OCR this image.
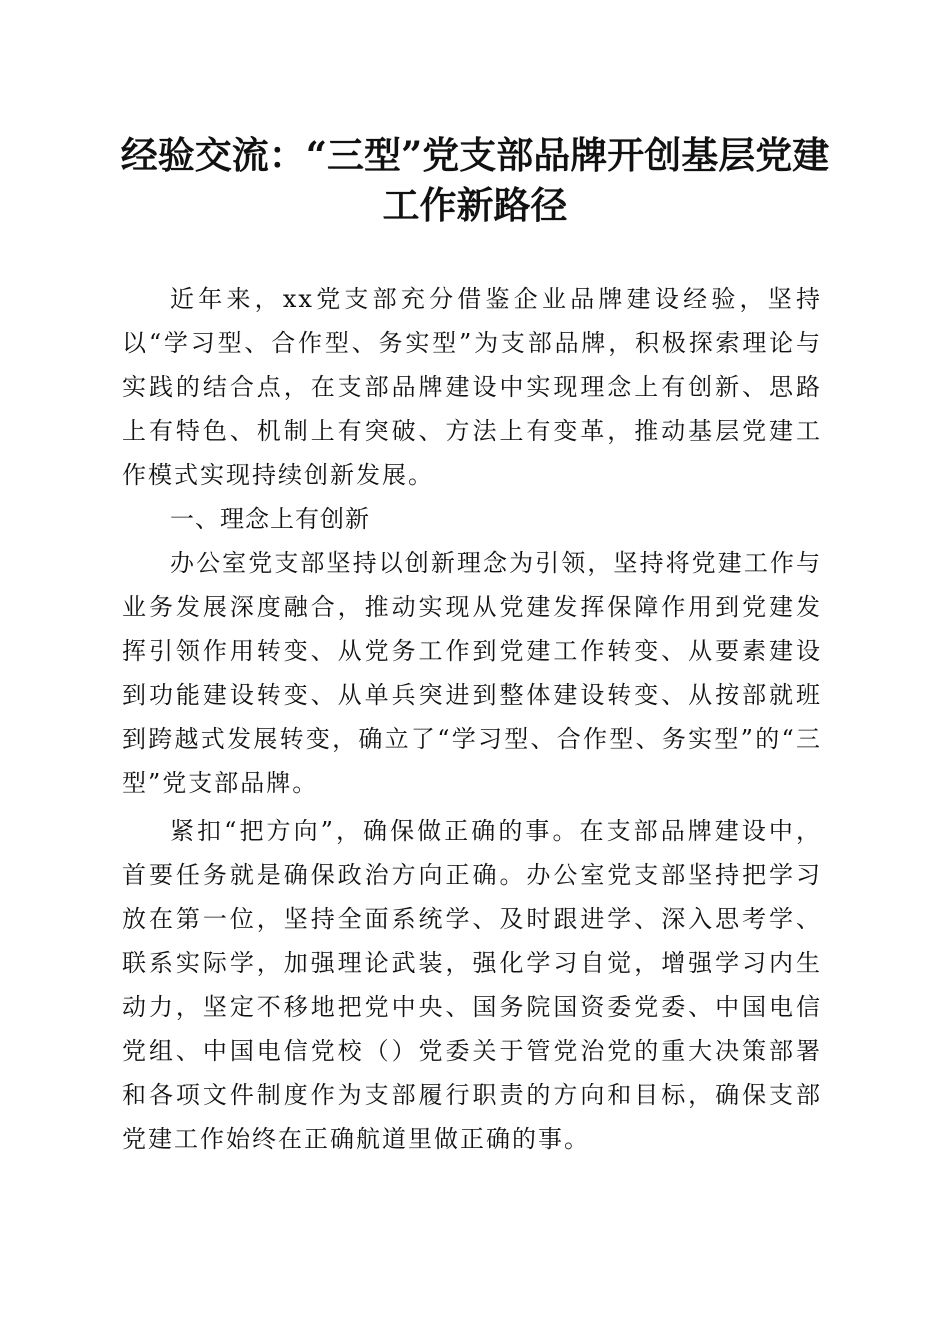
经验交流：“三型”党支部品牌开创基层党建
工作新路径

近年来，xx党支部充分借鉴企业品牌建设经验，坚持以“学习型、合作型、务实型”为支部品牌，积极探索理论与实践的结合点，在支部品牌建设中实现理念上有创新、思路上有特色、机制上有突破、方法上有变革，推动基层党建工作模式实现持续创新发展。

一、理念上有创新

办公室党支部坚持以创新理念为引领，坚持将党建工作与业务发展深度融合，推动实现从党建发挥保障作用到党建发挥引领作用转变、从党务工作到党建工作转变、从要素建设到功能建设转变、从单兵突进到整体建设转变、从按部就班到跨越式发展转变，确立了“学习型、合作型、务实型”的“三型”党支部品牌。

紧扣“把方向”，确保做正确的事。在支部品牌建设中，首要任务就是确保政治方向正确。办公室党支部坚持把学习放在第一位，坚持全面系统学、及时跟进学、深入思考学、联系实际学，加强理论武装，强化学习自觉，增强学习内生动力，坚定不移地把党中央、国务院国资委党委、中国电信党组、中国电信党校（）党委关于管党治党的重大决策部署和各项文件制度作为支部履行职责的方向和目标，确保支部党建工作始终在正确航道里做正确的事。
